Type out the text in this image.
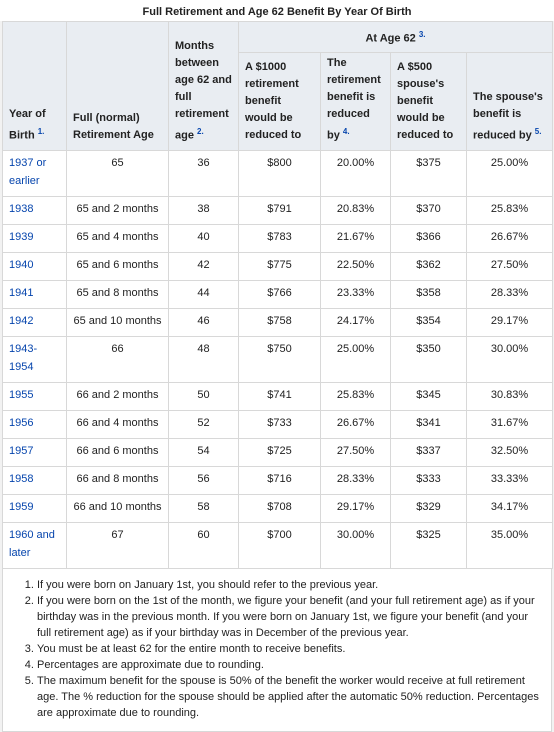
Full Retirement and Age 62 Benefit By Year Of Birth
Year of Birth $^{1.}$	Full (normal) Retirement Age	Months between age 62 and full retirement age $^{2.}$	At Age 62 $^{3.}$
			A $1000 retirement benefit would be reduced to	The retirement benefit is reduced by $^{4.}$	A $500 spouse's benefit would be reduced to	The spouse's benefit is reduced by $^{5.}$
1937 or earlier	65	36	$800	20.00%	$375	25.00%
1938	65 and 2 months	38	$791	20.83%	$370	25.83%
1939	65 and 4 months	40	$783	21.67%	$366	26.67%
1940	65 and 6 months	42	$775	22.50%	$362	27.50%
1941	65 and 8 months	44	$766	23.33%	$358	28.33%
1942	65 and 10 months	46	$758	24.17%	$354	29.17%
1943-1954	66	48	$750	25.00%	$350	30.00%
1955	66 and 2 months	50	$741	25.83%	$345	30.83%
1956	66 and 4 months	52	$733	26.67%	$341	31.67%
1957	66 and 6 months	54	$725	27.50%	$337	32.50%
1958	66 and 8 months	56	$716	28.33%	$333	33.33%
1959	66 and 10 months	58	$708	29.17%	$329	34.17%
1960 and later	67	60	$700	30.00%	$325	35.00%
1. If you were born on January 1st, you should refer to the previous year.
2. If you were born on the 1st of the month, we figure your benefit (and your full retirement age) as if your birthday was in the previous month. If you were born on January 1st, we figure your benefit (and your full retirement age) as if your birthday was in December of the previous year.
3. You must be at least 62 for the entire month to receive benefits.
4. Percentages are approximate due to rounding.
5. The maximum benefit for the spouse is 50% of the benefit the worker would receive at full retirement age. The % reduction for the spouse should be applied after the automatic 50% reduction. Percentages are approximate due to rounding.
